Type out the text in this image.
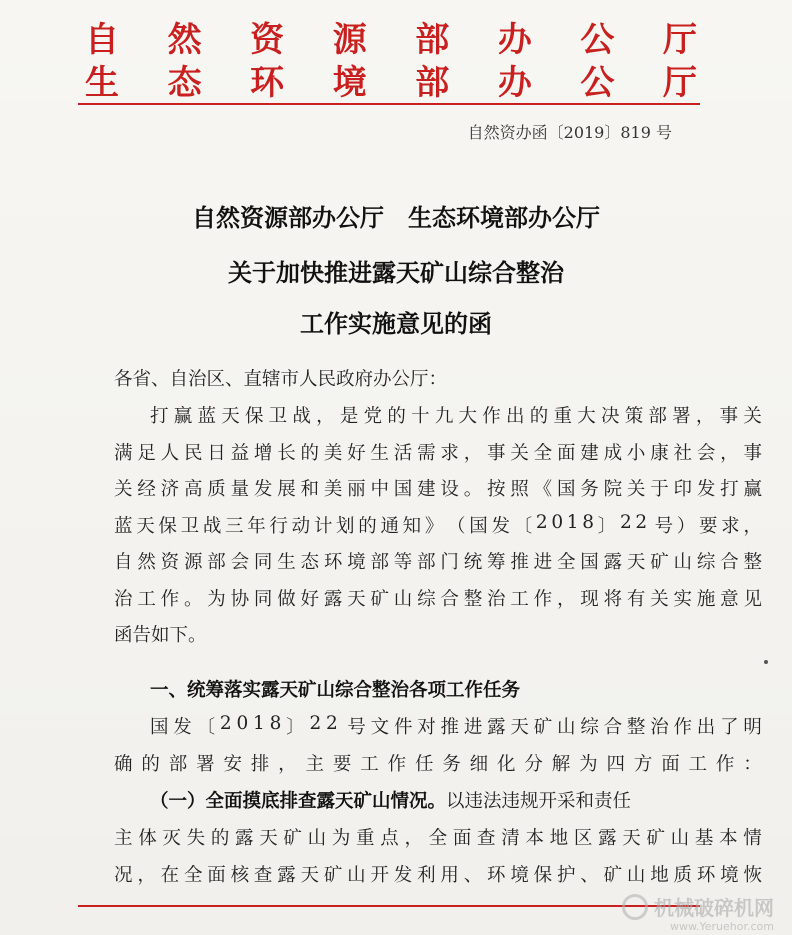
自 然 资 源 部 办 公 厅
生 态 环 境 部 办 公 厅
自然资办函〔2019〕819 号
自然资源部办公厅　生态环境部办公厅
关于加快推进露天矿山综合整治
工作实施意见的函
各省、自治区、直辖市人民政府办公厅：
打 赢 蓝 天 保 卫 战 ， 是 党 的 十 九 大 作 出 的 重 大 决 策 部 署 ， 事 关
满 足 人 民 日 益 增 长 的 美 好 生 活 需 求 ， 事 关 全 面 建 成 小 康 社 会 ， 事
关 经 济 高 质 量 发 展 和 美 丽 中 国 建 设 。 按 照 《 国 务 院 关 于 印 发 打 赢
蓝 天 保 卫 战 三 年 行 动 计 划 的 通 知 》 （ 国 发 〔 2 0 1 8 〕 2 2 号 ） 要 求 ，
自 然 资 源 部 会 同 生 态 环 境 部 等 部 门 统 筹 推 进 全 国 露 天 矿 山 综 合 整
治 工 作 。 为 协 同 做 好 露 天 矿 山 综 合 整 治 工 作 ， 现 将 有 关 实 施 意 见
函告如下。
一、统筹落实露天矿山综合整治各项工作任务
国 发 〔 2 0 1 8 〕 2 2 号 文 件 对 推 进 露 天 矿 山 综 合 整 治 作 出 了 明
确 的 部 署 安 排 ， 主 要 工 作 任 务 细 化 分 解 为 四 方 面 工 作 ：
（一）全面摸底排查露天矿山情况。以违法违规开采和责任
主 体 灭 失 的 露 天 矿 山 为 重 点 ， 全 面 查 清 本 地 区 露 天 矿 山 基 本 情
况 ， 在 全 面 核 查 露 天 矿 山 开 发 利 用 、 环 境 保 护 、 矿 山 地 质 环 境 恢
机械破碎机网
www.Yeruehor.com
